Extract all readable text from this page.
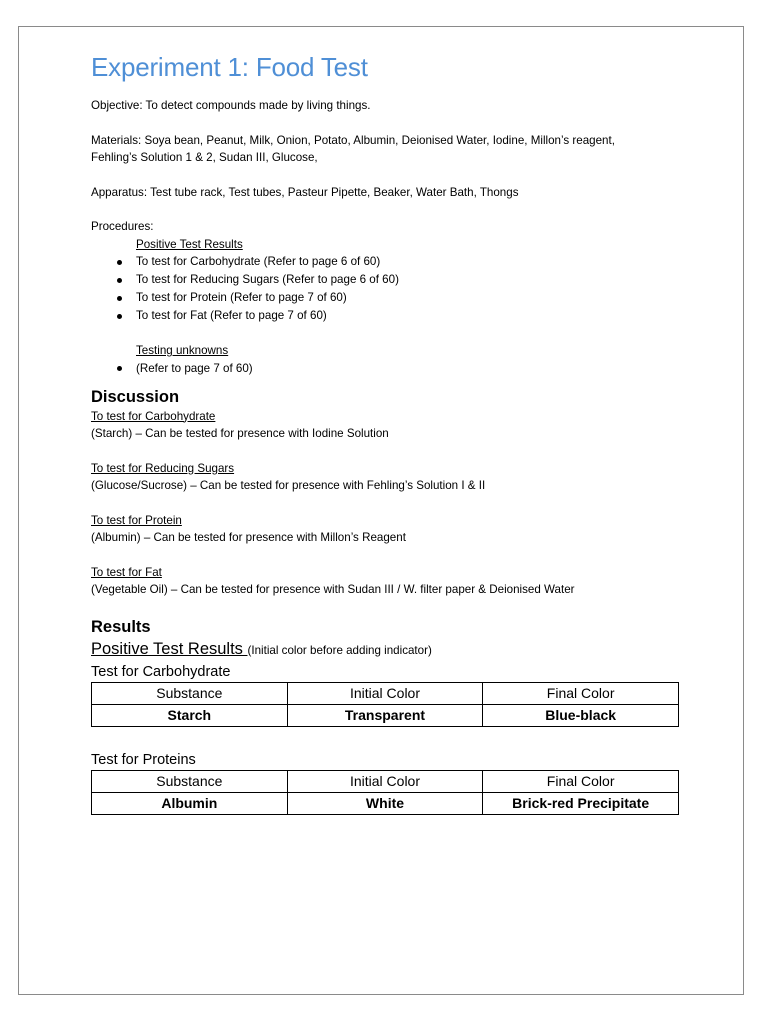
Experiment 1: Food Test

Objective: To detect compounds made by living things.

Materials: Soya bean, Peanut, Milk, Onion, Potato, Albumin, Deionised Water, Iodine, Millon’s reagent,

Fehling’s Solution 1 & 2, Sudan III, Glucose,

Apparatus: Test tube rack, Test tubes, Pasteur Pipette, Beaker, Water Bath, Thongs

Procedures:

Positive Test Results
To test for Carbohydrate (Refer to page 6 of 60)
To test for Reducing Sugars (Refer to page 6 of 60)
To test for Protein (Refer to page 7 of 60)
To test for Fat (Refer to page 7 of 60)
Testing unknowns
(Refer to page 7 of 60)
Discussion

To test for Carbohydrate

(Starch) – Can be tested for presence with Iodine Solution

To test for Reducing Sugars

(Glucose/Sucrose) – Can be tested for presence with Fehling’s Solution I & II

To test for Protein

(Albumin) – Can be tested for presence with Millon’s Reagent

To test for Fat

(Vegetable Oil) – Can be tested for presence with Sudan III / W. filter paper & Deionised Water

Results

Positive Test Results (Initial color before adding indicator)

Test for Carbohydrate

Substance	Initial Color	Final Color
Starch	Transparent	Blue-black

Test for Proteins

Substance	Initial Color	Final Color
Albumin	White	Brick-red Precipitate
